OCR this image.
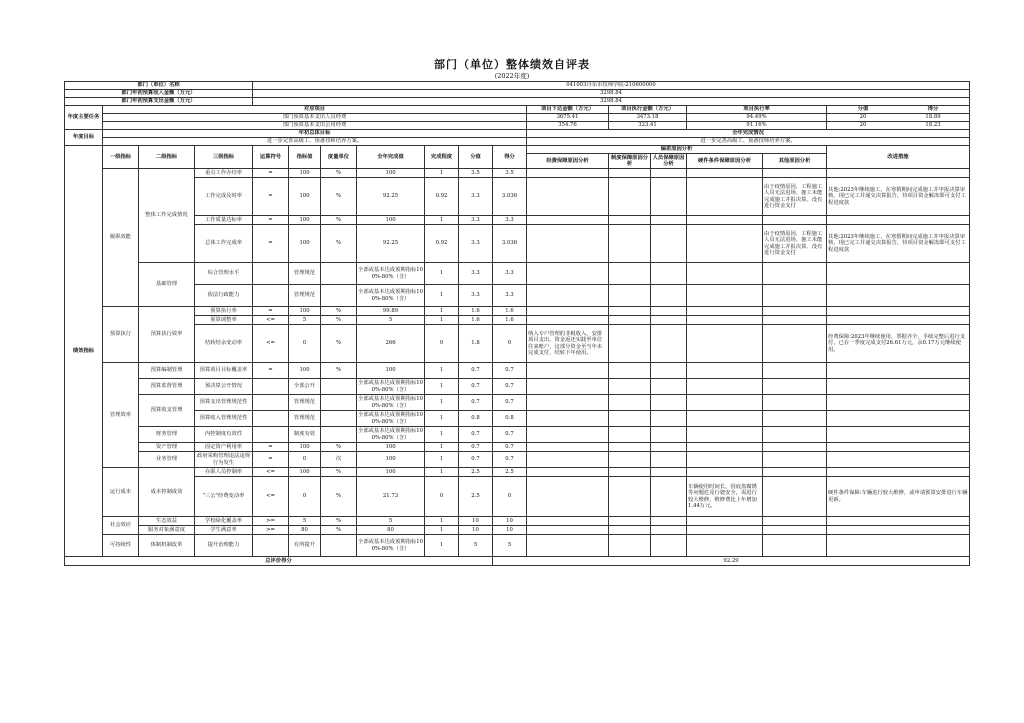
部门（单位）整体绩效自评表
(2022年度)
部门（单位）名称				041003丹东市技师学院-210600000												
部门年初预算收入金额（万元）				3298.84												
部门年初预算支出金额（万元）				3298.84												
年度主要任务	对应项目										项目下达金额（万元）	项目执行金额（万元）		项目执行率		分值 得分
	部门预算基本支出人员经费										3675.41	3473.18		94.49%		20 18.89
	部门预算基本支出公用经费										354.76	323.41		91.16%		20 18.23
年度目标	年初总体目标										全年完成情况					
	进一步完善高级工、预备技师培养方案。										进一步完善高级工、预备技师培养方案。					
绩效指标	一级指标	二级指标	三级指标	运算符号	指标值	度量单位	全年完成值	完成程度	分值	得分	偏差原因分析					改进措施
											经费保障原因分析	制度保障原因分析	人员保障原因分析	硬件条件保障原因分析	其他原因分析	
	履职效能	整体工作完成情况	重点工作办结率	=	100	%	100	1	3.5	3.5						
			工作完成及时率	=	100	%	92.25	0.92	3.3	3.036					由于疫情原因、工程施工人员无法进场、施工未能完成施工并报决算、没有进行资金支付	其他:2023年继续施工，在寒假期间完成施工并申报决算审核，现已完工并递交决算报告，待项目资金解冻即可支付工程进度款
			工作质量达标率	=	100	%	100	1	3.3	3.3						
			总体工作完成率	=	100	%	92.25	0.92	3.3	3.036					由于疫情原因、工程施工人员无法进场、施工未能完成施工并报决算、没有进行资金支付	其他:2023年继续施工，在寒假期间完成施工并申报决算审核，现已完工并递交决算报告，待项目资金解冻即可支付工程进度款
		基础管理	综合管理水平		管理规范		全部或基本达成预期指标100%-80%（含）	1	3.3	3.3						
			依法行政能力		管理规范		全部或基本达成预期指标100%-80%（含）	1	3.3	3.3						
	预算执行	预算执行效率	预算执行率	=	100	%	99.89	1	1.6	1.6						
			预算调整率	<=	5	%	5	1	1.6	1.6						
			结转结余变动率	<=	0	%	266	0	1.8	0	纳入专户管理的非税收入，安排项目支出，资金返还实践至单位往来账户，这部分资金至当年未完成支付，结转下年使用。					经费保障:2023年继续使用，票据齐全，手续完整后进行支付，已在一季度完成支付26.61万元，余0.17万元继续使用。
	管理效率	预算编制管理	预算项目目标覆盖率	=	100	%	100	1	0.7	0.7						
		预算监督管理	预决算公开情况		全部公开		全部或基本达成预期指标100%-80%（含）	1	0.7	0.7						
		预算收支管理	预算支出管理规范性		管理规范		全部或基本达成预期指标100%-80%（含）	1	0.7	0.7						
			预算收入管理规范性		管理规范		全部或基本达成预期指标100%-80%（含）	1	0.8	0.8						
		财务管理	内控制度有效性		制度有效		全部或基本达成预期指标100%-80%（含）	1	0.7	0.7						
		资产管理	固定资产利用率	=	100	%	100	1	0.7	0.7						
		业务管理	政府采购管理违法违规行为发生	=	0	次	100	1	0.7	0.7						
	运行成本	成本控制成效	在职人员控制率	<=	100	%	100	1	2.5	2.5						
			"三公"经费变动率	<=	0	%	21.73	0	2.5	0				车辆使用时间长，因底盘腐锈等问题危及行驶安全，需进行较大维修，维修费比上年增加1.44万元。		硬件条件保障:车辆进行较大维修，或申请预算安排进行车辆更新。
	社会效应	生态效益	学校绿化覆盖率	>=	5	%	5	1	10	10						
		服务对象满意度	学生满意率	>=	80	%	80	1	10	10						
	可持续性	体制机制改革	提升治理能力		有所提升		全部或基本达成预期指标100%-80%（含）	1	5	5						
总评价得分										92.29						
